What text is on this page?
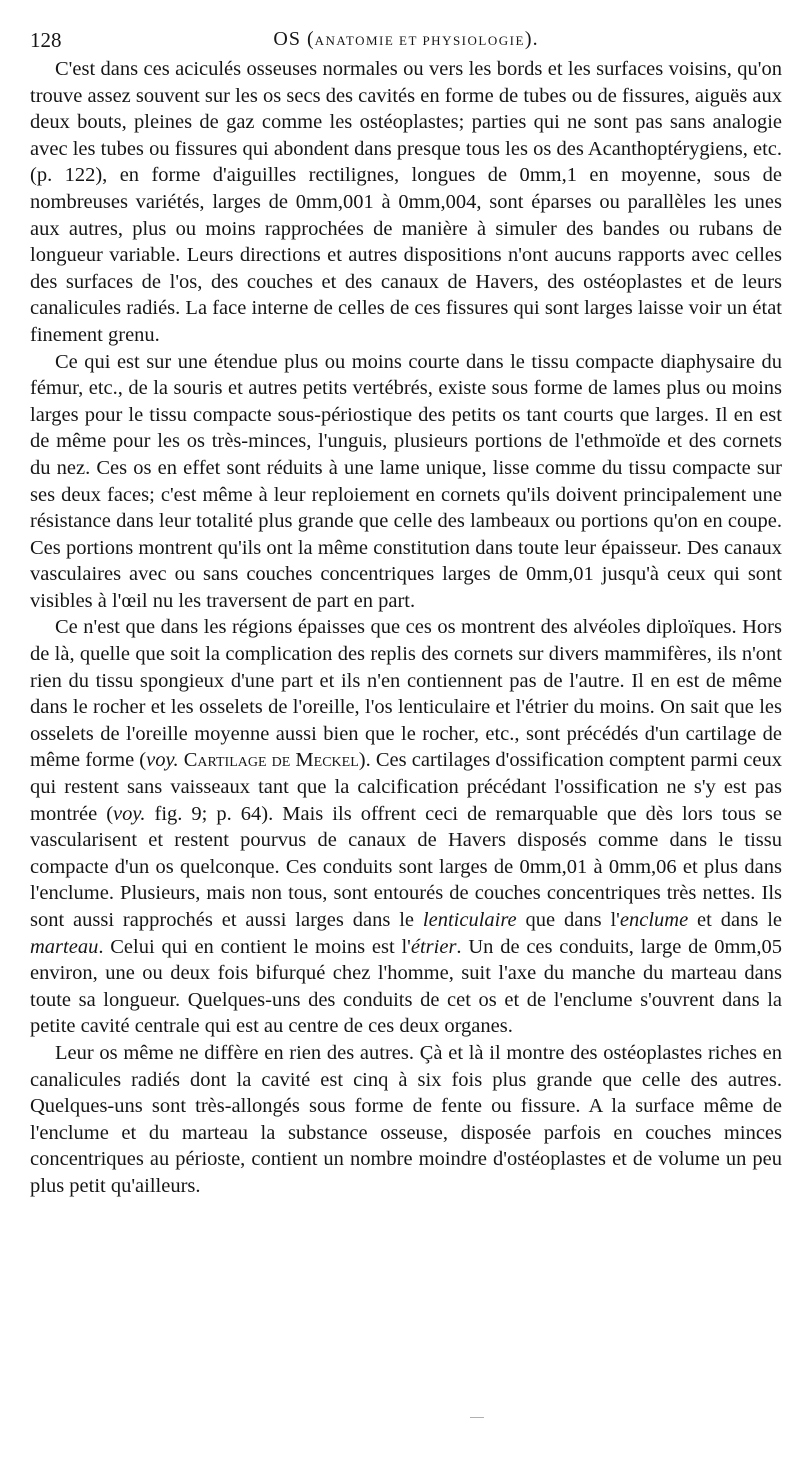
128	OS (ANATOMIE ET PHYSIOLOGIE).

C'est dans ces aciculés osseuses normales ou vers les bords et les surfaces voisins, qu'on trouve assez souvent sur les os secs des cavités en forme de tubes ou de fissures, aiguës aux deux bouts, pleines de gaz comme les ostéoplastes; parties qui ne sont pas sans analogie avec les tubes ou fissures qui abondent dans presque tous les os des Acanthoptérygiens, etc. (p. 122), en forme d'aiguilles rectilignes, longues de 0mm,1 en moyenne, sous de nombreuses variétés, larges de 0mm,001 à 0mm,004, sont éparses ou parallèles les unes aux autres, plus ou moins rapprochées de manière à simuler des bandes ou rubans de longueur variable. Leurs directions et autres dispositions n'ont aucuns rapports avec celles des surfaces de l'os, des couches et des canaux de Havers, des ostéoplastes et de leurs canalicules radiés. La face interne de celles de ces fissures qui sont larges laisse voir un état finement grenu.

Ce qui est sur une étendue plus ou moins courte dans le tissu compacte diaphysaire du fémur, etc., de la souris et autres petits vertébrés, existe sous forme de lames plus ou moins larges pour le tissu compacte sous-périostique des petits os tant courts que larges. Il en est de même pour les os très-minces, l'unguis, plusieurs portions de l'ethmoïde et des cornets du nez. Ces os en effet sont réduits à une lame unique, lisse comme du tissu compacte sur ses deux faces; c'est même à leur reploiement en cornets qu'ils doivent principalement une résistance dans leur totalité plus grande que celle des lambeaux ou portions qu'on en coupe. Ces portions montrent qu'ils ont la même constitution dans toute leur épaisseur. Des canaux vasculaires avec ou sans couches concentriques larges de 0mm,01 jusqu'à ceux qui sont visibles à l'œil nu les traversent de part en part.

Ce n'est que dans les régions épaisses que ces os montrent des alvéoles diploïques. Hors de là, quelle que soit la complication des replis des cornets sur divers mammifères, ils n'ont rien du tissu spongieux d'une part et ils n'en contiennent pas de l'autre. Il en est de même dans le rocher et les osselets de l'oreille, l'os lenticulaire et l'étrier du moins. On sait que les osselets de l'oreille moyenne aussi bien que le rocher, etc., sont précédés d'un cartilage de même forme (voy. Cartilage de Meckel). Ces cartilages d'ossification comptent parmi ceux qui restent sans vaisseaux tant que la calcification précédant l'ossification ne s'y est pas montrée (voy. fig. 9; p. 64). Mais ils offrent ceci de remarquable que dès lors tous se vascularisent et restent pourvus de canaux de Havers disposés comme dans le tissu compacte d'un os quelconque. Ces conduits sont larges de 0mm,01 à 0mm,06 et plus dans l'enclume. Plusieurs, mais non tous, sont entourés de couches concentriques très nettes. Ils sont aussi rapprochés et aussi larges dans le lenticulaire que dans l'enclume et dans le marteau. Celui qui en contient le moins est l'étrier. Un de ces conduits, large de 0mm,05 environ, une ou deux fois bifurqué chez l'homme, suit l'axe du manche du marteau dans toute sa longueur. Quelques-uns des conduits de cet os et de l'enclume s'ouvrent dans la petite cavité centrale qui est au centre de ces deux organes.

Leur os même ne diffère en rien des autres. Çà et là il montre des ostéoplastes riches en canalicules radiés dont la cavité est cinq à six fois plus grande que celle des autres. Quelques-uns sont très-allongés sous forme de fente ou fissure. A la surface même de l'enclume et du marteau la substance osseuse, disposée parfois en couches minces concentriques au périoste, contient un nombre moindre d'ostéoplastes et de volume un peu plus petit qu'ailleurs.
